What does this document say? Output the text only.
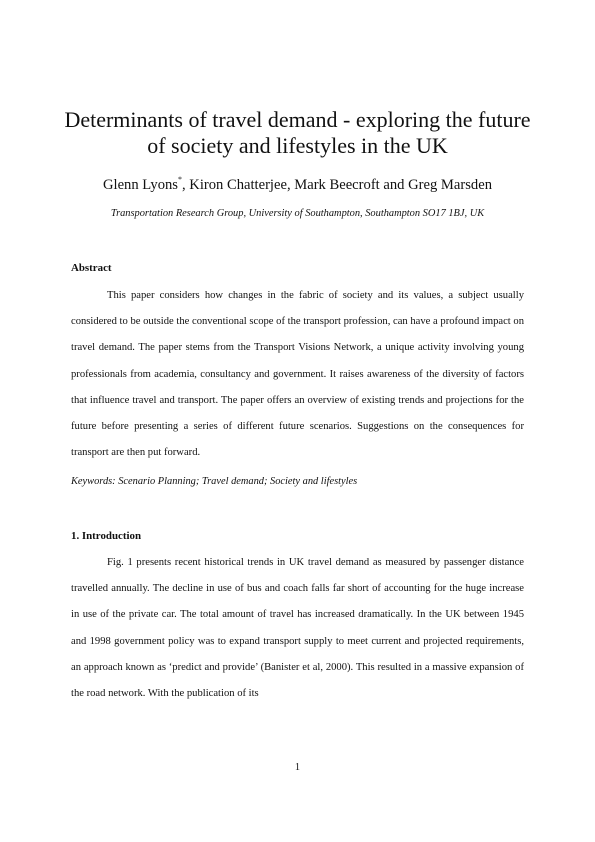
Determinants of travel demand - exploring the future of society and lifestyles in the UK
Glenn Lyons*, Kiron Chatterjee, Mark Beecroft and Greg Marsden
Transportation Research Group, University of Southampton, Southampton SO17 1BJ, UK
Abstract
This paper considers how changes in the fabric of society and its values, a subject usually considered to be outside the conventional scope of the transport profession, can have a profound impact on travel demand. The paper stems from the Transport Visions Network, a unique activity involving young professionals from academia, consultancy and government. It raises awareness of the diversity of factors that influence travel and transport. The paper offers an overview of existing trends and projections for the future before presenting a series of different future scenarios. Suggestions on the consequences for transport are then put forward.
Keywords: Scenario Planning; Travel demand; Society and lifestyles
1. Introduction
Fig. 1 presents recent historical trends in UK travel demand as measured by passenger distance travelled annually. The decline in use of bus and coach falls far short of accounting for the huge increase in use of the private car. The total amount of travel has increased dramatically. In the UK between 1945 and 1998 government policy was to expand transport supply to meet current and projected requirements, an approach known as ‘predict and provide’ (Banister et al, 2000). This resulted in a massive expansion of the road network. With the publication of its
1
